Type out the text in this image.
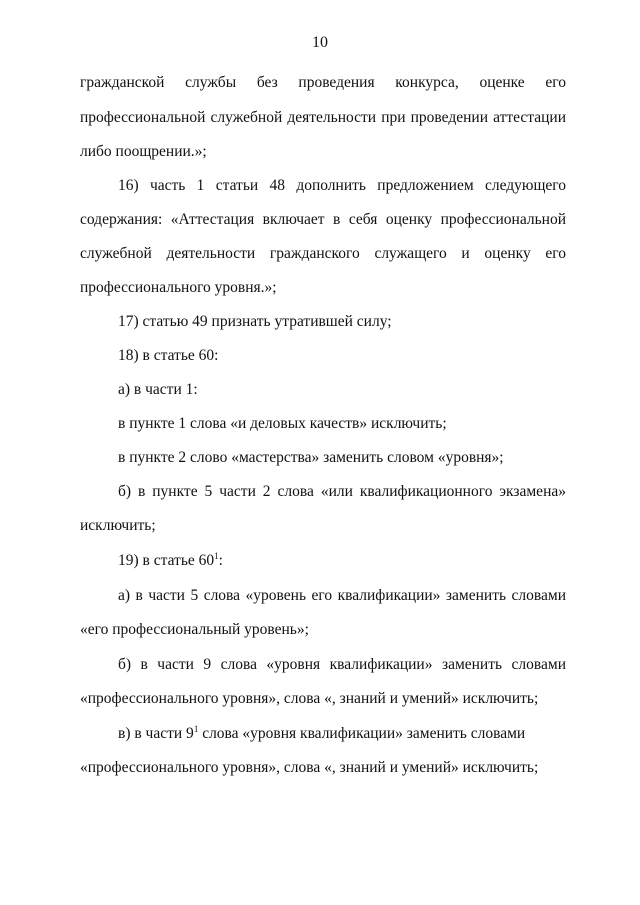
10
гражданской службы без проведения конкурса, оценке его
профессиональной служебной деятельности при проведении аттестации
либо поощрении.»;
16) часть 1 статьи 48 дополнить предложением следующего
содержания: «Аттестация включает в себя оценку профессиональной
служебной деятельности гражданского служащего и оценку его
профессионального уровня.»;
17) статью 49 признать утратившей силу;
18) в статье 60:
а) в части 1:
в пункте 1 слова «и деловых качеств» исключить;
в пункте 2 слово «мастерства» заменить словом «уровня»;
б) в пункте 5 части 2 слова «или квалификационного экзамена»
исключить;
19) в статье $60^1$:
а) в части 5 слова «уровень его квалификации» заменить словами
«его профессиональный уровень»;
б) в части 9 слова «уровня квалификации» заменить словами
«профессионального уровня», слова «, знаний и умений» исключить;
в) в части $9^1$ слова «уровня квалификации» заменить словами
«профессионального уровня», слова «, знаний и умений» исключить;
